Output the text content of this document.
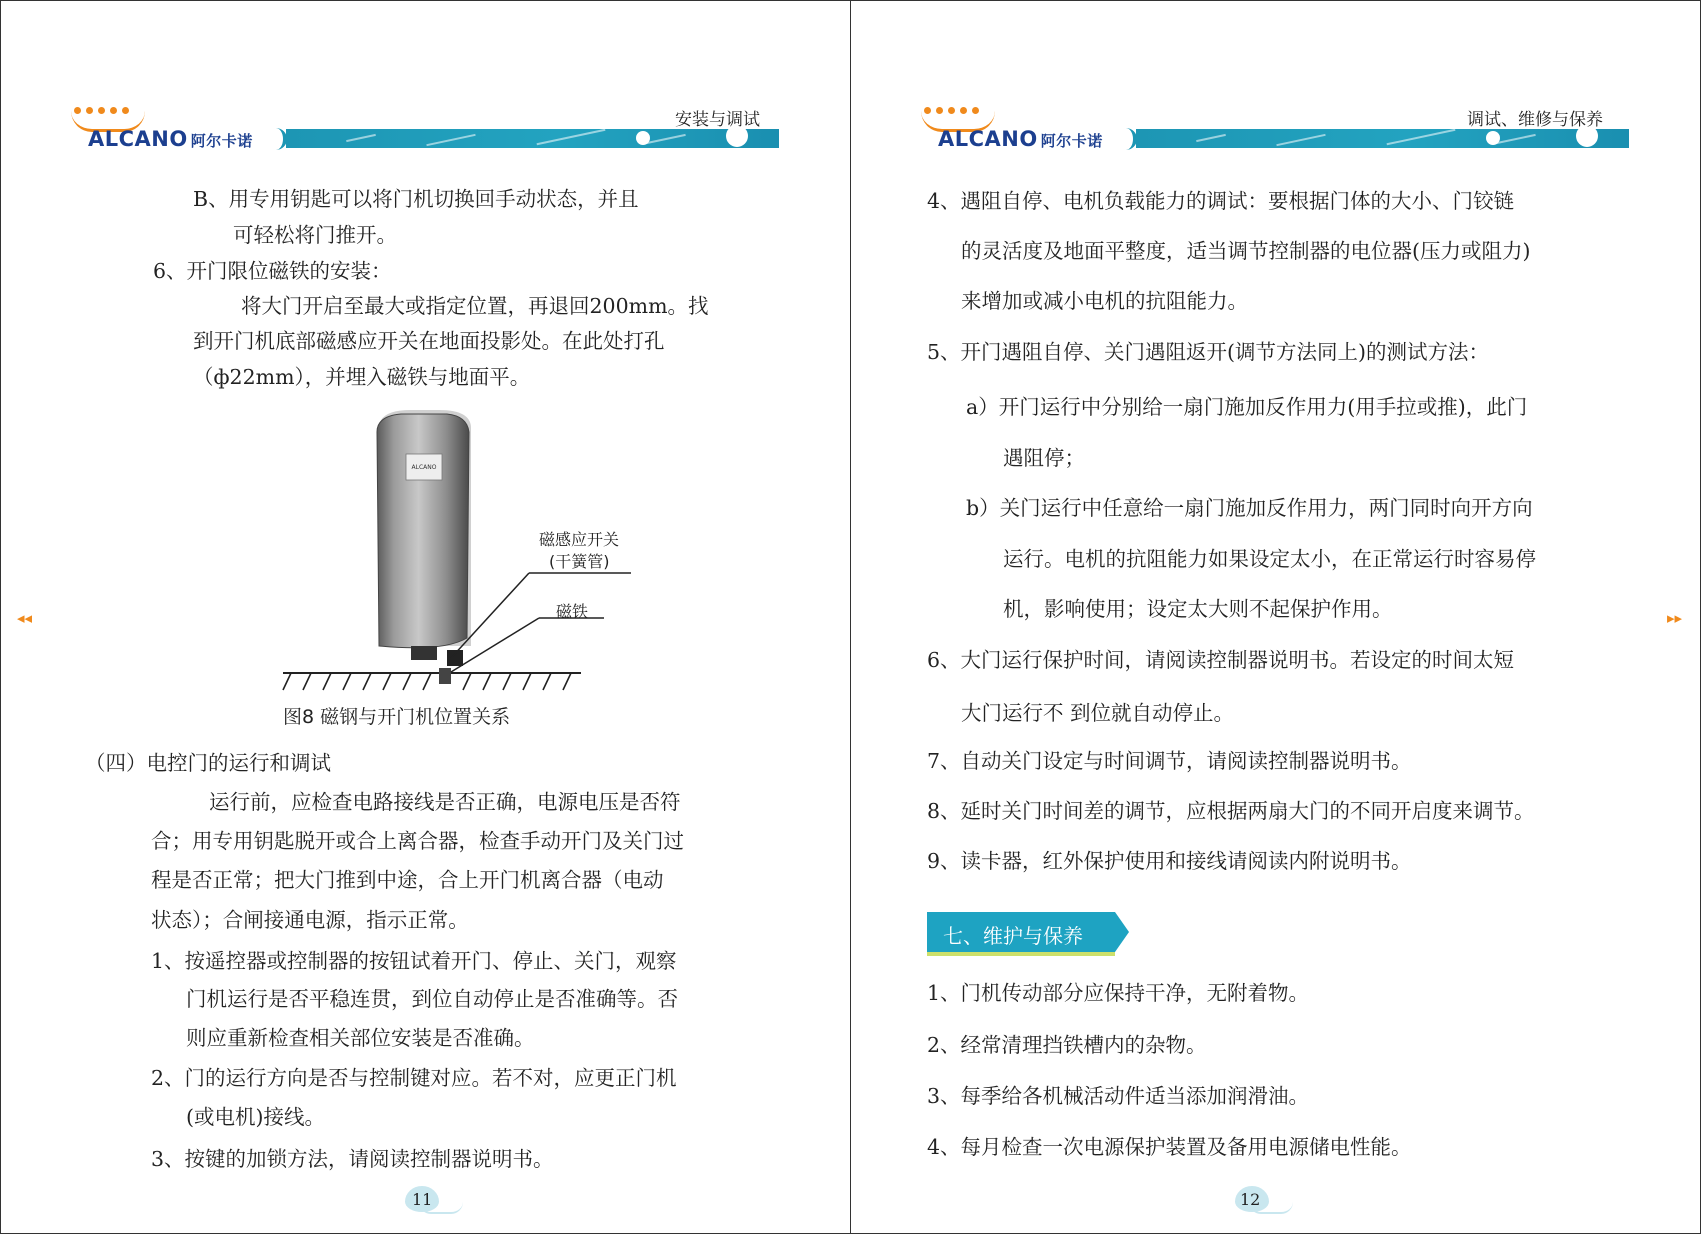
ALCANO 阿尔卡诺
安装与调试
B、用专用钥匙可以将门机切换回手动状态，并且
可轻松将门推开。
6、开门限位磁铁的安装：
将大门开启至最大或指定位置，再退回200mm。找
到开门机底部磁感应开关在地面投影处。在此处打孔
（ф22mm），并埋入磁铁与地面平。
ALCANO
磁感应开关
(干簧管)
磁铁
图8 磁钢与开门机位置关系
（四）电控门的运行和调试
运行前，应检查电路接线是否正确，电源电压是否符
合；用专用钥匙脱开或合上离合器，检查手动开门及关门过
程是否正常；把大门推到中途，合上开门机离合器（电动
状态）；合闸接通电源，指示正常。
1、按遥控器或控制器的按钮试着开门、停止、关门，观察
门机运行是否平稳连贯，到位自动停止是否准确等。否
则应重新检查相关部位安装是否准确。
2、门的运行方向是否与控制键对应。若不对，应更正门机
(或电机)接线。
3、按键的加锁方法，请阅读控制器说明书。
11
◂◂
ALCANO 阿尔卡诺
调试、维修与保养
4、遇阻自停、电机负载能力的调试：要根据门体的大小、门铰链
的灵活度及地面平整度，适当调节控制器的电位器(压力或阻力)
来增加或减小电机的抗阻能力。
5、开门遇阻自停、关门遇阻返开(调节方法同上)的测试方法：
a）开门运行中分别给一扇门施加反作用力(用手拉或推)，此门
遇阻停；
b）关门运行中任意给一扇门施加反作用力，两门同时向开方向
运行。电机的抗阻能力如果设定太小，在正常运行时容易停
机，影响使用；设定太大则不起保护作用。
6、大门运行保护时间，请阅读控制器说明书。若设定的时间太短
大门运行不 到位就自动停止。
7、自动关门设定与时间调节，请阅读控制器说明书。
8、延时关门时间差的调节，应根据两扇大门的不同开启度来调节。
9、读卡器，红外保护使用和接线请阅读内附说明书。
七、维护与保养
1、门机传动部分应保持干净，无附着物。
2、经常清理挡铁槽内的杂物。
3、每季给各机械活动件适当添加润滑油。
4、每月检查一次电源保护装置及备用电源储电性能。
12
▸▸
